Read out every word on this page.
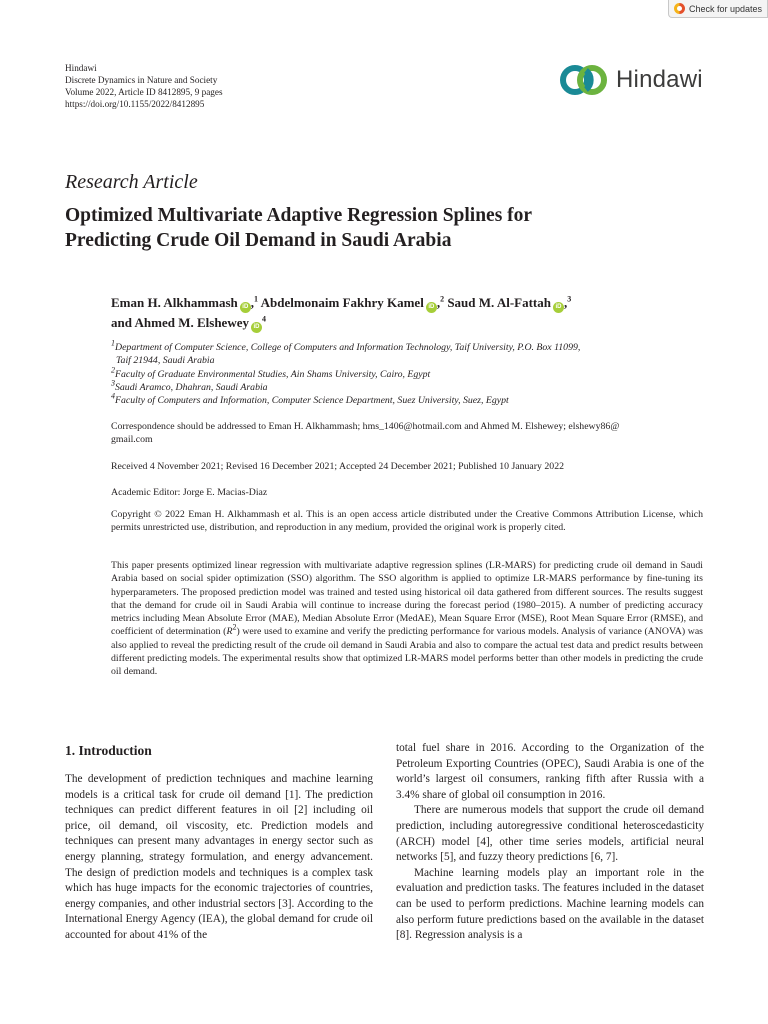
Check for updates
Hindawi
Discrete Dynamics in Nature and Society
Volume 2022, Article ID 8412895, 9 pages
https://doi.org/10.1155/2022/8412895
Hindawi
Research Article
Optimized Multivariate Adaptive Regression Splines for
Predicting Crude Oil Demand in Saudi Arabia
Eman H. Alkhammash iD ,$^1$ Abdelmonaim Fakhry Kamel iD ,$^2$ Saud M. Al-Fattah iD ,$^3$
and Ahmed M. Elshewey $iD^4$
$^1$Department of Computer Science, College of Computers and Information Technology, Taif University, P.O. Box 11099,
Taif 21944, Saudi Arabia
$^2$Faculty of Graduate Environmental Studies, Ain Shams University, Cairo, Egypt
$^3$Saudi Aramco, Dhahran, Saudi Arabia
$^4$Faculty of Computers and Information, Computer Science Department, Suez University, Suez, Egypt
Correspondence should be addressed to Eman H. Alkhammash; hms_1406@hotmail.com and Ahmed M. Elshewey; elshewy86@
gmail.com
Received 4 November 2021; Revised 16 December 2021; Accepted 24 December 2021; Published 10 January 2022
Academic Editor: Jorge E. Macias-Diaz
Copyright © 2022 Eman H. Alkhammash et al. This is an open access article distributed under the Creative Commons Attribution License, which permits unrestricted use, distribution, and reproduction in any medium, provided the original work is properly cited.
This paper presents optimized linear regression with multivariate adaptive regression splines (LR-MARS) for predicting crude oil demand in Saudi Arabia based on social spider optimization (SSO) algorithm. The SSO algorithm is applied to optimize LR-MARS performance by fine-tuning its hyperparameters. The proposed prediction model was trained and tested using historical oil data gathered from different sources. The results suggest that the demand for crude oil in Saudi Arabia will continue to increase during the forecast period (1980–2015). A number of predicting accuracy metrics including Mean Absolute Error (MAE), Median Absolute Error (MedAE), Mean Square Error (MSE), Root Mean Square Error (RMSE), and coefficient of determination $(R^2)$ were used to examine and verify the predicting performance for various models. Analysis of variance (ANOVA) was also applied to reveal the predicting result of the crude oil demand in Saudi Arabia and also to compare the actual test data and predict results between different predicting models. The experimental results show that optimized LR-MARS model performs better than other models in predicting the crude oil demand.
1. Introduction

The development of prediction techniques and machine learning models is a critical task for crude oil demand [1]. The prediction techniques can predict different features in oil [2] including oil price, oil demand, oil viscosity, etc. Prediction models and techniques can present many advantages in energy sector such as energy planning, strategy formulation, and energy advancement. The design of prediction models and techniques is a complex task which has huge impacts for the economic trajectories of countries, energy companies, and other industrial sectors [3]. According to the International Energy Agency (IEA), the global demand for crude oil accounted for about 41% of the

total fuel share in 2016. According to the Organization of the Petroleum Exporting Countries (OPEC), Saudi Arabia is one of the world’s largest oil consumers, ranking fifth after Russia with a 3.4% share of global oil consumption in 2016.

There are numerous models that support the crude oil demand prediction, including autoregressive conditional heteroscedasticity (ARCH) model [4], other time series models, artificial neural networks [5], and fuzzy theory predictions [6, 7].

Machine learning models play an important role in the evaluation and prediction tasks. The features included in the dataset can be used to perform predictions. Machine learning models can also perform future predictions based on the available in the dataset [8]. Regression analysis is a
